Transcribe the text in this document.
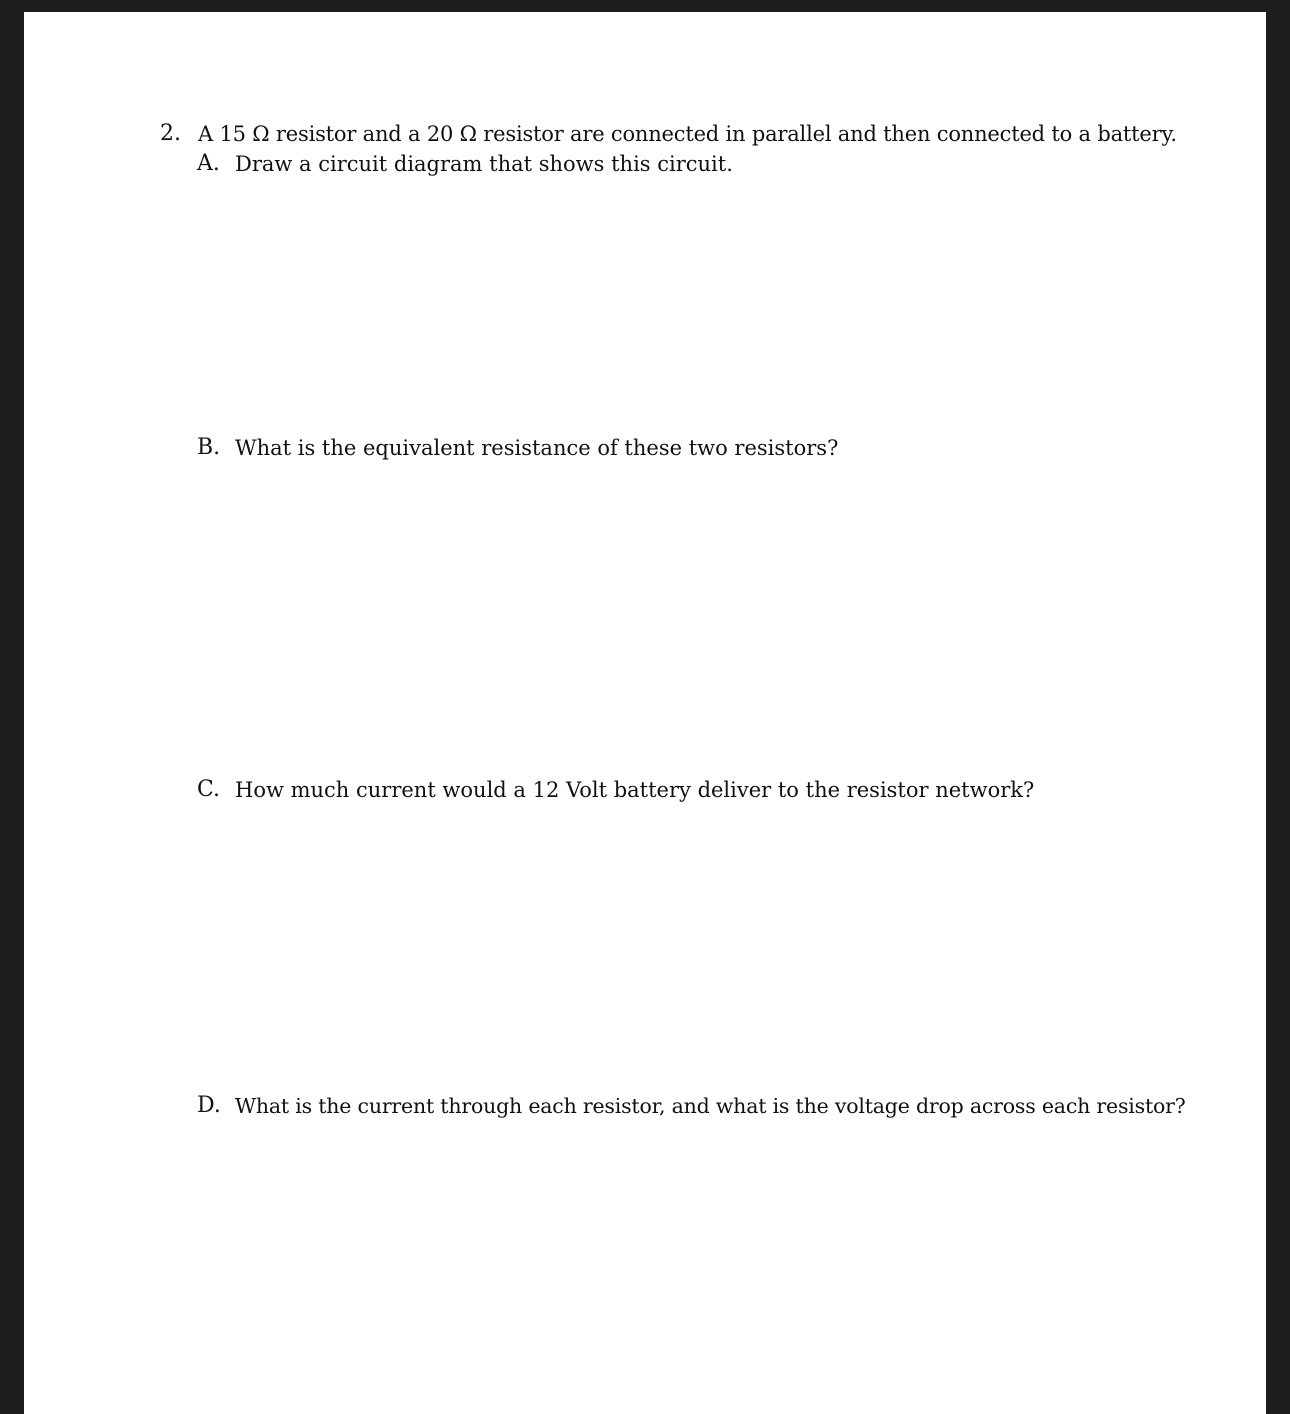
2. A 15 Ω resistor and a 20 Ω resistor are connected in parallel and then connected to a battery.
A. Draw a circuit diagram that shows this circuit.
B. What is the equivalent resistance of these two resistors?
C. How much current would a 12 Volt battery deliver to the resistor network?
D. What is the current through each resistor, and what is the voltage drop across each resistor?
